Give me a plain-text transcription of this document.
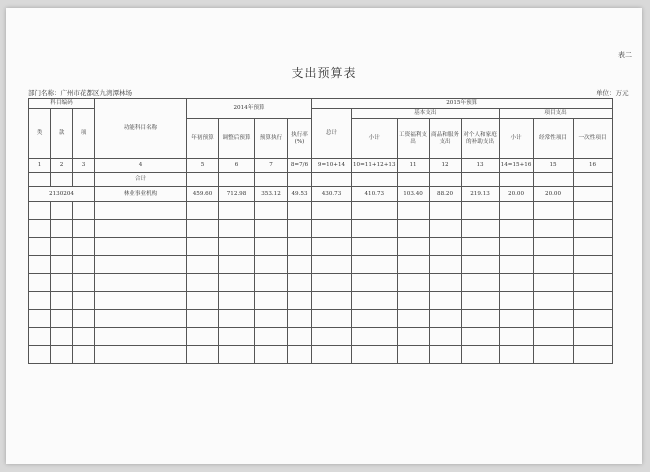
表二
支出预算表
部门名称：广州市花都区九湾潭林场	单位：万元
科目编码			功能科目名称	2014年预算				2015年预算							
类	款	项						总计	基本支出				项目支出		
				年初预算	调整后预算	预算执行	执行率(%)		小计	工资福利支出	商品和服务支出	对个人和家庭的补助支出	小计	经常性项目	一次性项目
1	2	3	4	5	6	7	8=7/6	9=10+14	10=11+12+13	11	12	13	14=15+16	15	16
			合计												
2130204			林业事业机构	459.60	712.98	353.12	49.53	430.73	410.73	103.40	88.20	219.13	20.00	20.00	
